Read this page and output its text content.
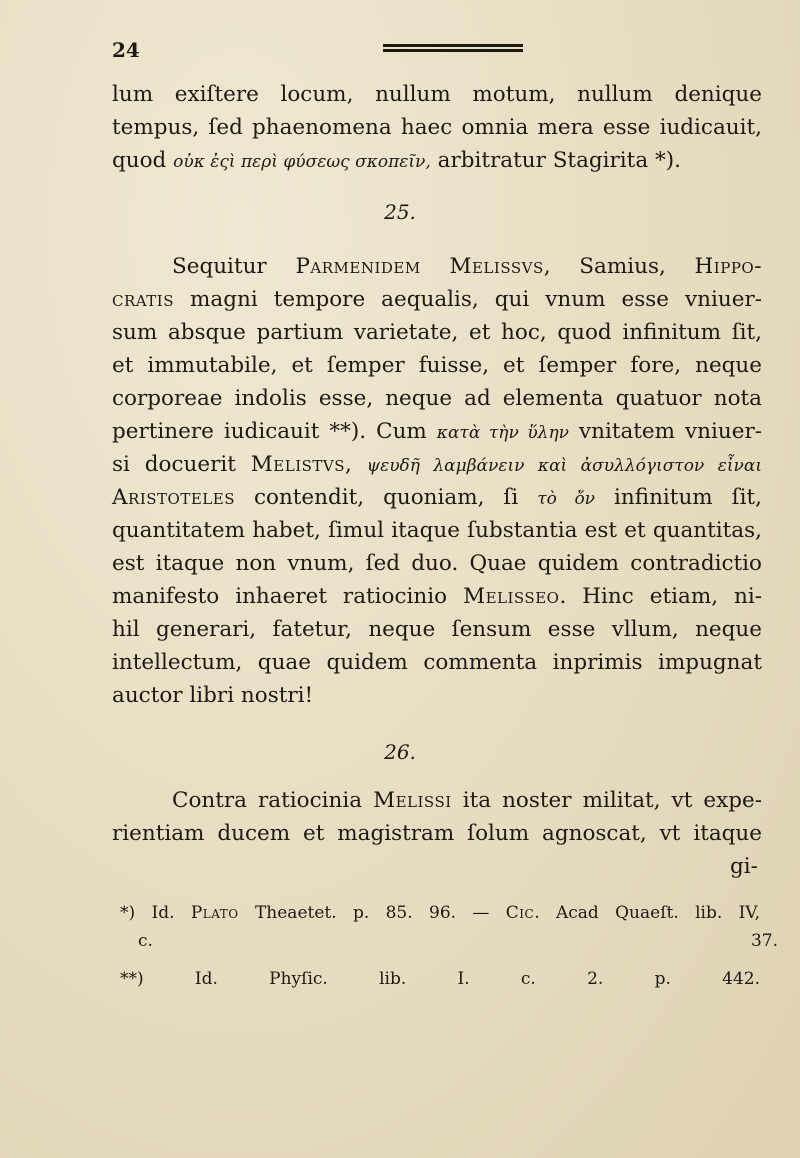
24
lum exiſtere locum, nullum motum, nullum denique
tempus, ſed phaenomena haec omnia mera esse iudicauit,
quod οὐκ ἐςὶ περὶ φύσεως σκοπεῖν, arbitratur Stagirita *).
25.
Sequitur Parmenidem Melissvs, Samius, Hippo-
cratis magni tempore aequalis, qui vnum esse vniuer-
sum absque partium varietate, et hoc, quod infinitum ſit,
et immutabile, et ſemper fuisse, et ſemper fore, neque
corporeae indolis esse, neque ad elementa quatuor nota
pertinere iudicauit **). Cum κατὰ τὴν ὕλην vnitatem vniuer-
si docuerit Melistvs, ψευδῆ λαμβάνειν καὶ ἀσυλλόγιστον εἶναι
Aristoteles contendit, quoniam, ſi τὸ ὄν infinitum ſit,
quantitatem habet, ſimul itaque ſubstantia est et quantitas,
est itaque non vnum, ſed duo. Quae quidem contradictio
manifesto inhaeret ratiocinio Melisseo. Hinc etiam, ni-
hil generari, fatetur, neque ſensum esse vllum, neque
intellectum, quae quidem commenta inprimis impugnat
auctor libri nostri!
26.
Contra ratiocinia Melissi ita noster militat, vt expe-
rientiam ducem et magistram ſolum agnoscat, vt itaque
gi-
*) Id. Plato Theaetet. p. 85. 96. — Cic. Acad Quaeſt. lib. IV,
c. 37.
**) Id. Phyſic. lib. I. c. 2. p. 442.
